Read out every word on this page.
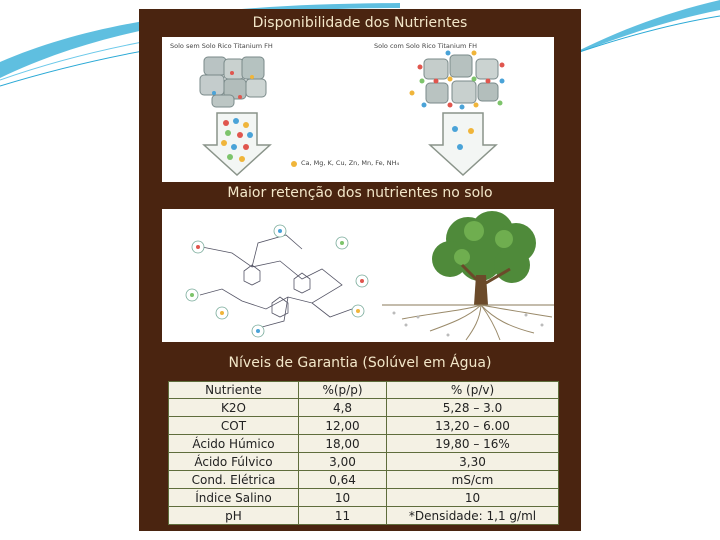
Disponibilidade dos Nutrientes
Solo sem Solo Rico Titanium FH	Solo com Solo Rico Titanium FH
Ca, Mg, K, Cu, Zn, Mn, Fe, NH₄
Maior retenção dos nutrientes no solo
Níveis de Garantia (Solúvel em Água)
Nutriente	%(p/p)	% (p/v)
K2O	4,8	5,28 – 3.0
COT	12,00	13,20 – 6.00
Ácido Húmico	18,00	19,80 – 16%
Ácido Fúlvico	3,00	3,30
Cond. Elétrica	0,64	mS/cm
Índice Salino	10	10
pH	11	*Densidade: 1,1 g/ml
